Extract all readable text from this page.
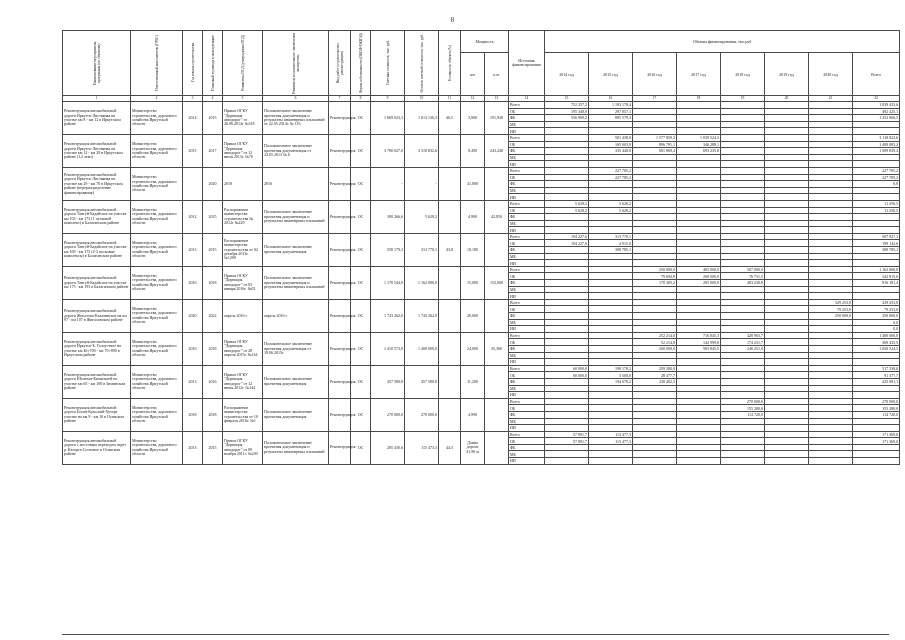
8
Наименование мероприятия, программы (по объектам)	Ответственный исполнитель (ГРБС)	Год начала строительства	Плановый год ввода в эксплуатацию	Реквизиты ПСД (утверждения ПСД)	Реквизиты положительного заключения экспертизы	Вид работ (строительство, реконструкция)	Форма собственности (ОКОФ/ОКВЭД)	Сметная стоимость, тыс. руб.	Остаток сметной стоимости, тыс. руб.	Готовность объекта (%)	Мощность		Источник финансирования	Объемы финансирования, тыс.руб							
											км	п.м.		2014 год	2015 год	2016 год	2017 год	2018 год	2019 год	2020 год	Всего
1	2	3	4	5	6	7	8	9	10	11	12	13	14	15	16	17	18	19	20	21	22
Реконструкция автомобильной дороги Иркутск-Листвянка на участке км 8 - км 12 в Иркутском районе	Министерство строительства, дорожного хозяйства Иркутской области	2014	2015	Приказ ОГКУ "Дирекция автодорог" от 26.06.2014г №318	Положительное заключение проектная документация и результаты инженерных изысканий от 22.05.2014г. № 116	Реконструкция	ОС	1 669 023,3	1 613 136,3	46,5	3,900	191,940	Всего	752 257,2	1 183 178,4						1 839 433,6
													ОБ	195 348,0	297 057,1						492 425,1
													ФБ	556 909,2	885 579,3						1 352 006,5
													МБ								
													ИИ								
Реконструкция автомобильной дороги Иркутск-Листвянка на участке км 12 - км 29 в Иркутском районе (1,2 этап)	Министерство строительства, дорожного хозяйства Иркутской области	2015	2017	Приказ ОГКУ "Дирекция автодорог" от 12 июля 2013г. №70	Положительное заключение проектная документация от 24.05.2013 № 6	Реконструкция	ОС	3 780 027,0	3 318 832,6		8,490	243,240	Всего		501 438,0	1 577 859,3	1 039 524,3				3 118 822,6
													ОБ		165 003,9	896 791,1	346 288,1				1 408 083,2
													ФБ		335 440,0	681 069,4	693 235,8				1 909 839,4
													МБ								
													ИИ								
Реконструкция автомобильной дороги Иркутск-Листвянка на участке км 29 - км 70 в Иркутском районе (перераспределение финансирования)	Министерство строительства, дорожного хозяйства Иркутской области		2020	2018	2016	Реконструкция	ОС	-	-		41,800		Всего		227 785,2						227 785,2
													ОБ		227 785,2						227 785,2
													ФБ								0,0
													МБ								
													ИИ								
Реконструкция автомобильной дороги Тангуй-Бадайское на участке км 103 - км 173 (1 пусковой комплекс) в Балаганском районе	Министерство строительства, дорожного хозяйства Иркутской области	2012	2015	Распоряжение министерства строительства № 2012г №229	Положительное заключение проектная документация и результаты инженерных изысканий	Реконструкция	ОС	300 266,6	5 628,2		4,900	42,850	Всего	5 628,2	5 628,2						11 256,5
													ОБ	5 628,2	5 628,2						11 256,5
													ФБ								
													МБ								
													ИИ								
Реконструкция автомобильной дороги Тангуй-Бадайское на участке км 169 - км 175 (2-3 пусковые комплексы) в Балаганском районе	Министерство строительства, дорожного хозяйства Иркутской области	2013	2015	Распоряжение министерства строительства от 02 декабря 2013г. №1209	Положительное заключение проектная документация	Реконструкция	ОС	558 179,3	313 770,1	43,8	10,180		Всего	194 227,6	313 770,1						507 927,1
													ОБ	194 227,6	4 915,0						199 142,6
													ФБ		308 785,1						308 785,1
													МБ								
													ИИ								
Реконструкция автомобильной дороги Тангуй-Бадайское на участке км 175 - км 193 в Балаганском районе	Министерство строительства, дорожного хозяйства Иркутской области	2016	2018	Приказ ОГКУ "Дирекция автодорог" от 03 января 2016г. №01	Положительное заключение проектная документация и результаты инженерных изысканий	Реконструкция	ОС	1 170 544,0	1 162 000,0		15,000	152,000	Всего			250 000,0	405 000,0	507 000,0			1 162 000,0
													ОБ			79 694,8	200 000,0	76 731,5			342 815,6
													ФБ			170 305,2	205 000,0	483 230,8			816 181,4
													МБ								
													ИИ								
Реконструкция автомобильной дороги Жигалово-Казачинское на км 97 - км 107 в Жигаловском районе	Министерство строительства, дорожного хозяйства Иркутской области	2020	2022	апрель 2016 г	апрель 2016 г	Реконструкция	ОС	1 743 262,0	1 743 262,0		20,000		Всего							329 253,0	329 253,0
													ОБ							79 253,0	79 253,0
													ФБ							250 000,0	250 000,0
													МБ								0,0
													ИИ								0,0
Реконструкция автомобильной дороги Иркутск-Б. Голоустное на участке км 46+700 - км 70+890 в Иркутском районе	Министерство строительства, дорожного хозяйства Иркутской области	2016	2018	Приказ ОГКУ "Дирекция автодорог" от 28 апреля 2015г. №144	Положительное заключение проектная документация от 18.06.2015г	Реконструкция	ОС	1 410 573,0	1 400 000,0		24,000	35,360	Всего			252 214,0	716 845,3	428 965,7			1 400 000,0
													ОБ			52 214,0	142 999,8	174 231,7			369 435,5
													ФБ			200 000,0	583 845,5	246 251,0			1 030 524,5
													МБ								
													ИИ								
Реконструкция автомобильной дороги Шелехов-Кимильтей на участке км 65 - км 100 в Зиминском районе	Министерство строительства, дорожного хозяйства Иркутской области	2013	2016	Приказ ОГКУ "Дирекция автодорог" от 12 июня 2012г. №144	Положительное заключение проектная документация	Реконструкция	ОС	457 580,8	457 580,8		11,200		Всего	60 000,0	198 178,2	259 280,0					517 538,0
													ОБ	60 000,0	3 500,0	28 377,7					91 377,7
													ФБ		194 678,2	230 402,3					425 081,1
													МБ								
													ИИ								
Реконструкция автомобильной дороги Бохан-Кульский-Хуторт участке на км 9 - км 10 в Осинском районе	Министерство строительства, дорожного хозяйства Иркутской области	2018	2018	Распоряжение министерства строительства от 10 февраля 2016г. №1	Положительное заключение проектная документация	Реконструкция	ОС	270 000,0	270 000,0		4,990		Всего					270 000,0			270 000,0
													ОБ					155 280,0			155 280,0
													ФБ					114 720,0			114 720,0
													МБ								
													ИИ								
Реконструкция автомобильной дороги с мостовым переходом через р. Каторга-Сосновое в Осинском районе	Министерство строительства, дорожного хозяйства Иркутской области	2013	2015	Приказ ОГКУ "Дирекция автодорог" от 09 ноября 2011г. №230	Положительное заключение проектная документация и результаты инженерных изысканий	Реконструкция	ОС	205 430,6	115 473,3	44,5	Длина дороги 41,90 м		Всего	57 891,7	113 477,3						171 369,0
													ОБ	57 891,7	113 477,3						171 369,0
													ФБ								
													МБ								
													ИИ								
